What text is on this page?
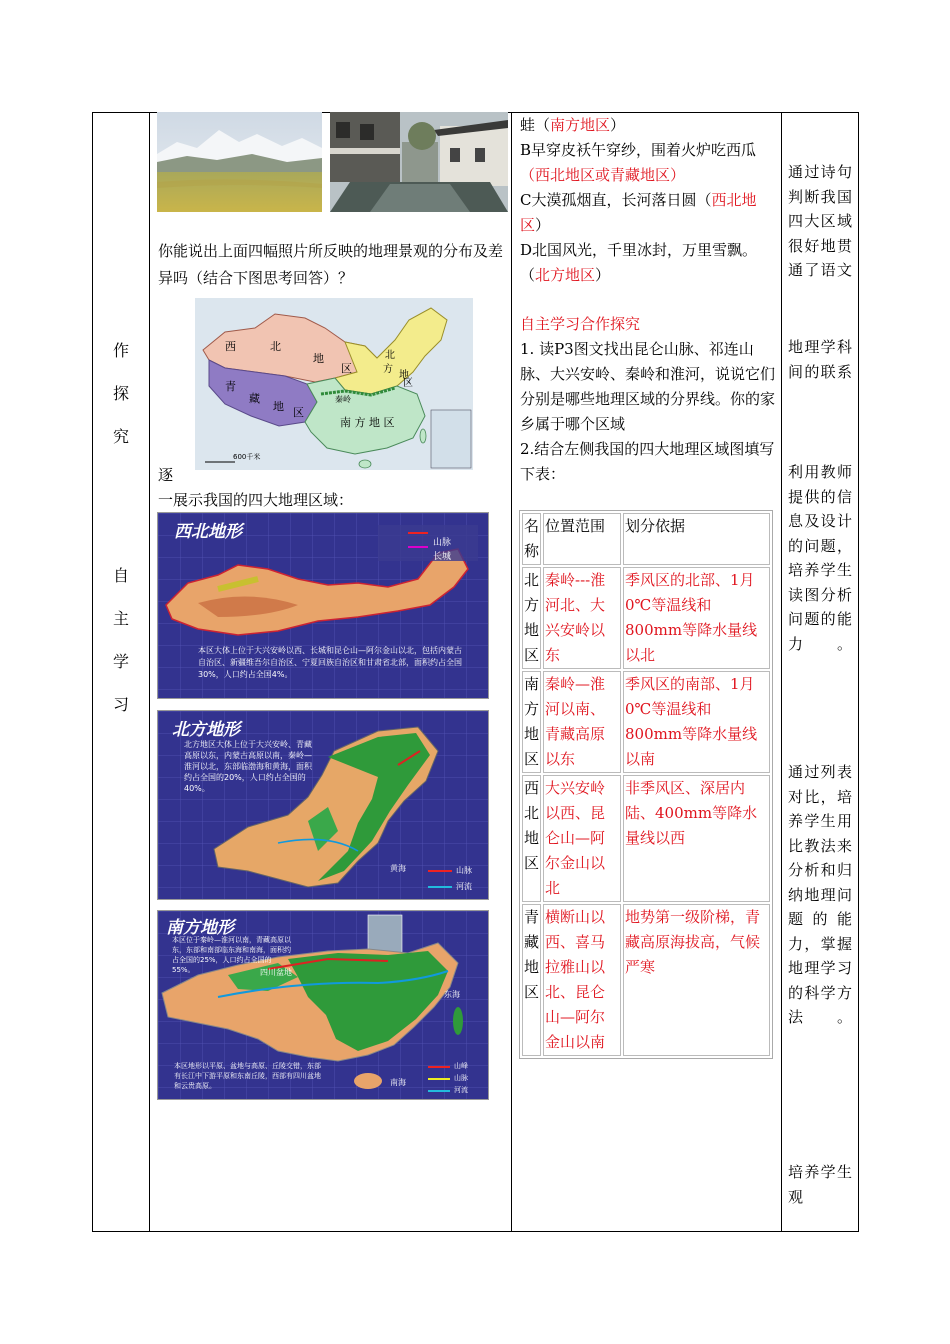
作
探
究
自
主
学
习
你能说出上面四幅照片所反映的地理景观的分布及差异吗（结合下图思考回答）？
西	北
地
区
青
藏
地 区
北
方
地
区
秦岭
南 方 地 区
600千米
逐
一展示我国的四大地理区域：
西北地形
山脉
长城
本区大体上位于大兴安岭以西、长城和昆仑山—阿尔金山以北，包括内蒙古自治区、新疆维吾尔自治区、宁夏回族自治区和甘肃省北部，面积约占全国30%，人口约占全国4%。
北方地形
北方地区大体上位于大兴安岭、青藏高原以东，内蒙古高原以南，秦岭—淮河以北，东部临渤海和黄海，面积约占全国的20%，人口约占全国的40%。
黄海	山脉
河流
南方地形
本区位于秦岭—淮河以南，青藏高原以东，东部和南部临东海和南海，面积约占全国的25%，人口约占全国的55%。	四川盆地
东海
南海
本区地形以平原、盆地与高原、丘陵交错，东部有长江中下游平原和东南丘陵，西部有四川盆地和云贵高原。
山峰
山脉
河流
蛙（南方地区）
B早穿皮袄午穿纱，围着火炉吃西瓜
（西北地区或青藏地区）
C大漠孤烟直，长河落日圆（西北地区）
D北国风光，千里冰封，万里雪飘。（北方地区）
自主学习合作探究
1. 读P3图文找出昆仑山脉、祁连山脉、大兴安岭、秦岭和淮河，说说它们分别是哪些地理区域的分界线。你的家乡属于哪个区域
2.结合左侧我国的四大地理区域图填写下表：
名称	位置范围	划分依据
北方地区	秦岭---淮河北、大兴安岭以东	季风区的北部、1月0℃等温线和800mm等降水量线以北
南方地区	秦岭—淮河以南、青藏高原以东	季风区的南部、1月0℃等温线和800mm等降水量线以南
西北地区	大兴安岭以西、昆仑山—阿尔金山以北	非季风区、深居内陆、400mm等降水量线以西
青藏地区	横断山以西、喜马拉雅山以北、昆仑山—阿尔金山以南	地势第一级阶梯，青藏高原海拔高，气候严寒
通过诗句判断我国四大区域很好地贯通了语文
地理学科间的联系
利用教师提供的信息及设计的问题，培养学生读图分析问题的能力。
通过列表对比，培养学生用比教法来分析和归纳地理问题的能力，掌握地理学习的科学方法。
培养学生观
